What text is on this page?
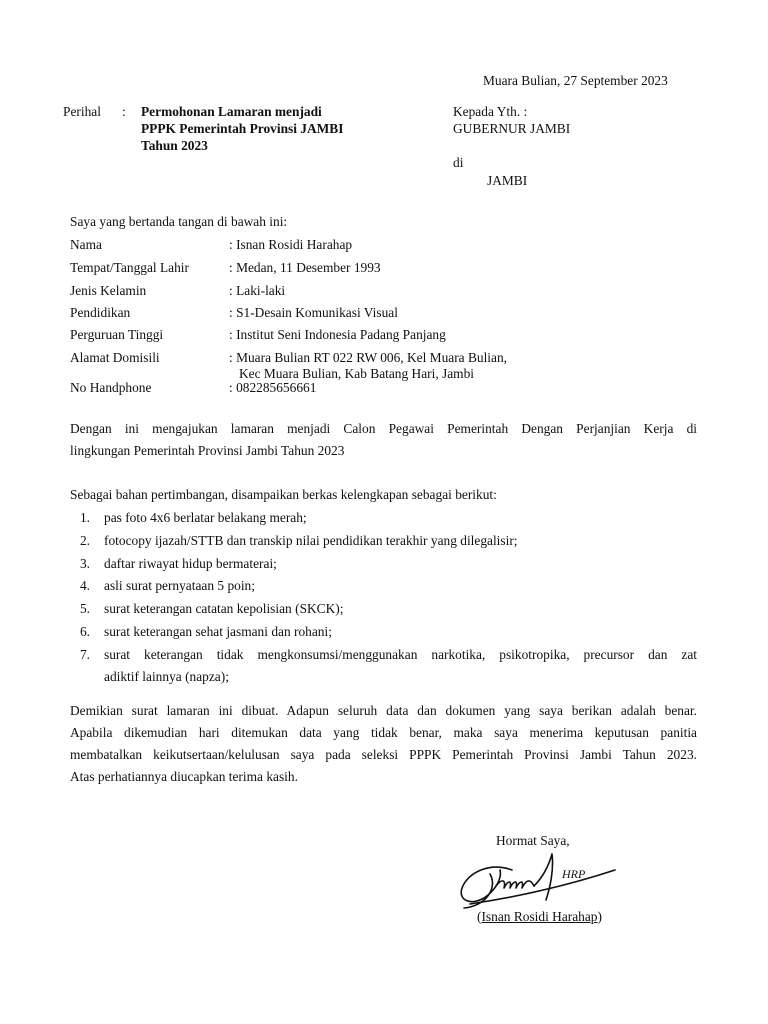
Muara Bulian, 27 September 2023
Perihal : Permohonan Lamaran menjadi
PPPK Pemerintah Provinsi JAMBI
Tahun 2023
Kepada Yth. :
GUBERNUR JAMBI
di
JAMBI
Saya yang bertanda tangan di bawah ini:
Nama	: Isnan Rosidi Harahap
Tempat/Tanggal Lahir	: Medan, 11 Desember 1993
Jenis Kelamin	: Laki-laki
Pendidikan	: S1-Desain Komunikasi Visual
Perguruan Tinggi	: Institut Seni Indonesia Padang Panjang
Alamat Domisili	: Muara Bulian RT 022 RW 006, Kel Muara Bulian,
Kec Muara Bulian, Kab Batang Hari, Jambi
No Handphone	: 082285656661
Dengan ini mengajukan lamaran menjadi Calon Pegawai Pemerintah Dengan Perjanjian Kerja di
lingkungan Pemerintah Provinsi Jambi Tahun 2023
Sebagai bahan pertimbangan, disampaikan berkas kelengkapan sebagai berikut:
1. pas foto 4x6 berlatar belakang merah;
2. fotocopy ijazah/STTB dan transkip nilai pendidikan terakhir yang dilegalisir;
3. daftar riwayat hidup bermaterai;
4. asli surat pernyataan 5 poin;
5. surat keterangan catatan kepolisian (SKCK);
6. surat keterangan sehat jasmani dan rohani;
7. surat keterangan tidak mengkonsumsi/menggunakan narkotika, psikotropika, precursor dan zat
adiktif lainnya (napza);
Demikian surat lamaran ini dibuat. Adapun seluruh data dan dokumen yang saya berikan adalah benar.
Apabila dikemudian hari ditemukan data yang tidak benar, maka saya menerima keputusan panitia
membatalkan keikutsertaan/kelulusan saya pada seleksi PPPK Pemerintah Provinsi Jambi Tahun 2023.
Atas perhatiannya diucapkan terima kasih.
Hormat Saya,
HRP
(Isnan Rosidi Harahap)
